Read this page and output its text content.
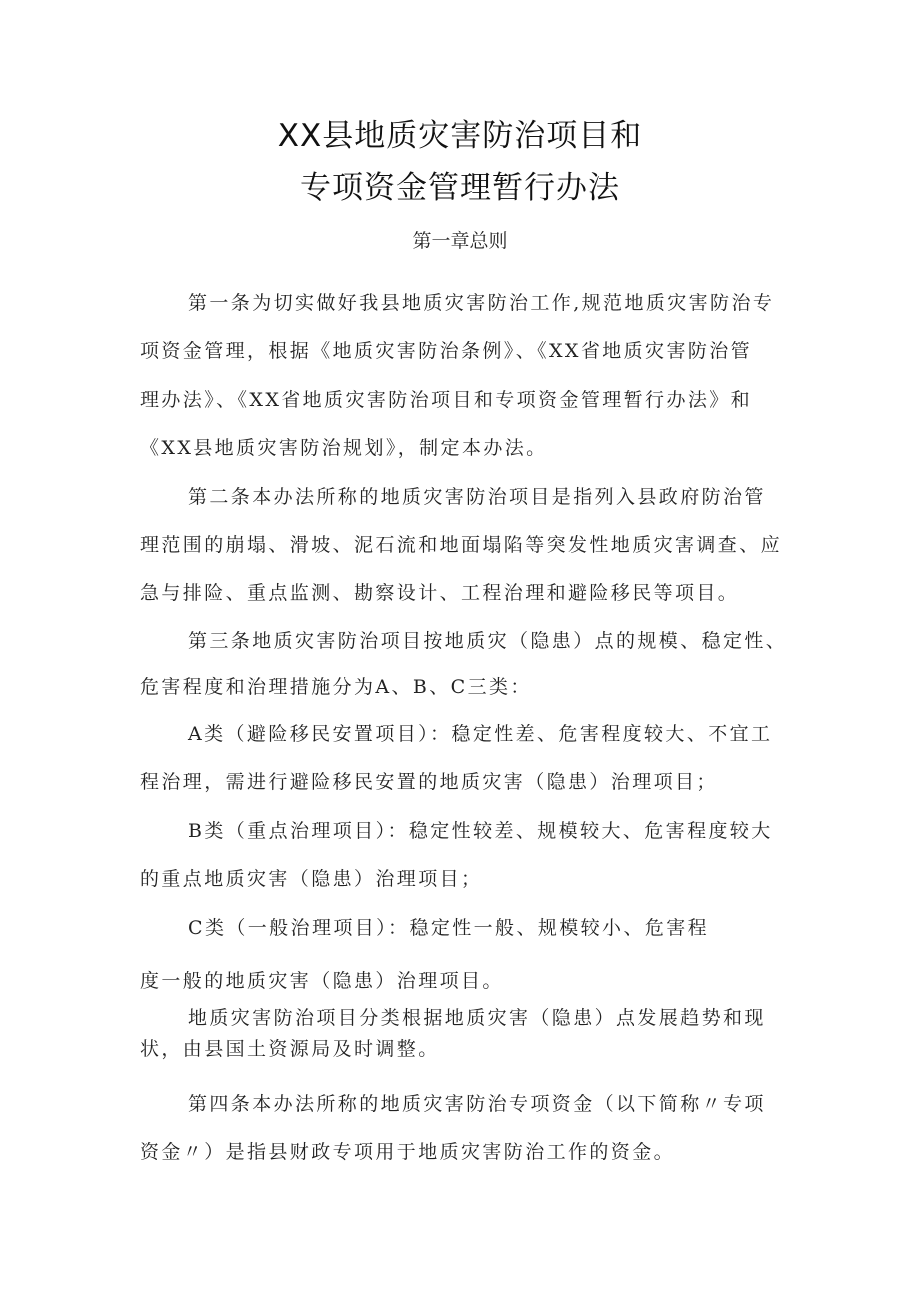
XX县地质灾害防治项目和
专项资金管理暂行办法
第一章总则
第一条为切实做好我县地质灾害防治工作,规范地质灾害防治专
项资金管理，根据《地质灾害防治条例》、《XX省地质灾害防治管
理办法》、《XX省地质灾害防治项目和专项资金管理暂行办法》和
《XX县地质灾害防治规划》，制定本办法。
第二条本办法所称的地质灾害防治项目是指列入县政府防治管
理范围的崩塌、滑坡、泥石流和地面塌陷等突发性地质灾害调查、应
急与排险、重点监测、勘察设计、工程治理和避险移民等项目。
第三条地质灾害防治项目按地质灾（隐患）点的规模、稳定性、
危害程度和治理措施分为A、B、C三类：
A类（避险移民安置项目）：稳定性差、危害程度较大、不宜工
程治理，需进行避险移民安置的地质灾害（隐患）治理项目；
B类（重点治理项目）：稳定性较差、规模较大、危害程度较大
的重点地质灾害（隐患）治理项目；
C类（一般治理项目）：稳定性一般、规模较小、危害程
度一般的地质灾害（隐患）治理项目。
地质灾害防治项目分类根据地质灾害（隐患）点发展趋势和现
状，由县国土资源局及时调整。
第四条本办法所称的地质灾害防治专项资金（以下简称〃专项
资金〃）是指县财政专项用于地质灾害防治工作的资金。
